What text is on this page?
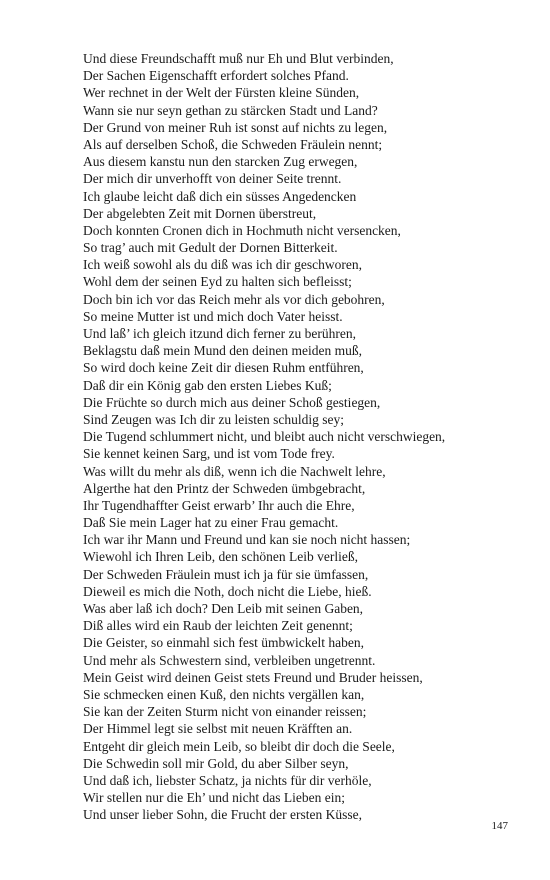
Und diese Freundschafft muß nur Eh und Blut verbinden,
Der Sachen Eigenschafft erfordert solches Pfand.
Wer rechnet in der Welt der Fürsten kleine Sünden,
Wann sie nur seyn gethan zu stärcken Stadt und Land?
Der Grund von meiner Ruh ist sonst auf nichts zu legen,
Als auf derselben Schoß, die Schweden Fräulein nennt;
Aus diesem kanstu nun den starcken Zug erwegen,
Der mich dir unverhofft von deiner Seite trennt.
Ich glaube leicht daß dich ein süsses Angedencken
Der abgelebten Zeit mit Dornen überstreut,
Doch konnten Cronen dich in Hochmuth nicht versencken,
So trag’ auch mit Gedult der Dornen Bitterkeit.
Ich weiß sowohl als du diß was ich dir geschworen,
Wohl dem der seinen Eyd zu halten sich befleisst;
Doch bin ich vor das Reich mehr als vor dich gebohren,
So meine Mutter ist und mich doch Vater heisst.
Und laß’ ich gleich itzund dich ferner zu berühren,
Beklagstu daß mein Mund den deinen meiden muß,
So wird doch keine Zeit dir diesen Ruhm entführen,
Daß dir ein König gab den ersten Liebes Kuß;
Die Früchte so durch mich aus deiner Schoß gestiegen,
Sind Zeugen was Ich dir zu leisten schuldig sey;
Die Tugend schlummert nicht, und bleibt auch nicht verschwiegen,
Sie kennet keinen Sarg, und ist vom Tode frey.
Was willt du mehr als diß, wenn ich die Nachwelt lehre,
Algerthe hat den Printz der Schweden ümbgebracht,
Ihr Tugendhaffter Geist erwarb’ Ihr auch die Ehre,
Daß Sie mein Lager hat zu einer Frau gemacht.
Ich war ihr Mann und Freund und kan sie noch nicht hassen;
Wiewohl ich Ihren Leib, den schönen Leib verließ,
Der Schweden Fräulein must ich ja für sie ümfassen,
Dieweil es mich die Noth, doch nicht die Liebe, hieß.
Was aber laß ich doch? Den Leib mit seinen Gaben,
Diß alles wird ein Raub der leichten Zeit genennt;
Die Geister, so einmahl sich fest ümbwickelt haben,
Und mehr als Schwestern sind, verbleiben ungetrennt.
Mein Geist wird deinen Geist stets Freund und Bruder heissen,
Sie schmecken einen Kuß, den nichts vergällen kan,
Sie kan der Zeiten Sturm nicht von einander reissen;
Der Himmel legt sie selbst mit neuen Kräfften an.
Entgeht dir gleich mein Leib, so bleibt dir doch die Seele,
Die Schwedin soll mir Gold, du aber Silber seyn,
Und daß ich, liebster Schatz, ja nichts für dir verhöle,
Wir stellen nur die Eh’ und nicht das Lieben ein;
Und unser lieber Sohn, die Frucht der ersten Küsse,
147
